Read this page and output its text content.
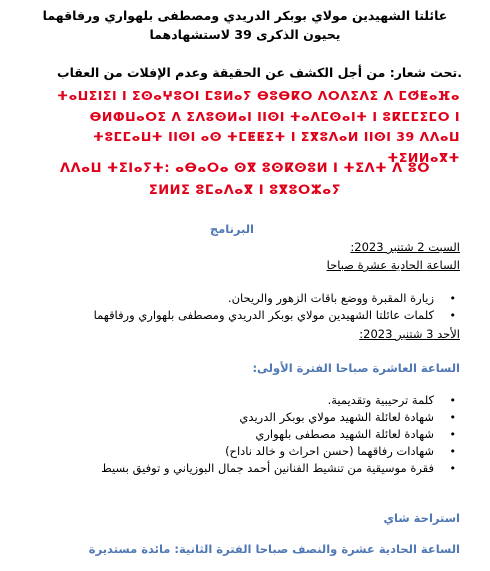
عائلتا الشهيدين مولاي بوبكر الدريدي ومصطفى بلهواري ورفاقهما يحيون الذكرى 39 لاستشهادهما
.تحت شعار: من أجل الكشف عن الحقيقة وعدم الإفلات من العقاب
ⵜⴰⵡⵉⵏⵉⵏ ⵏ ⵉⵙⴰⵖⵓⵔⵏ ⵎⵓⵍⴰⵢ ⴱⵓⴱⴽⵔ ⴷⵔⴷⵉⴷⵉ ⴷ ⵎⵚⵟⴰⴼⴰ ⴱⵍⵀⵡⴰⵔⵉ ⴷ ⵉⴷⵓⵙⵍⴰⵏ ⵏⵏⵙⵏ ⵜⴰⴷⵎⵙⴰⵏⵜ ⵏ ⵓⴽⵎⵎⵉⵎⵔ ⵏ ⵜⵓⵎⵎⴰⵡⵜ ⵏⵏⵙⵏ ⴰⵙ ⵜⵎⵟⵟⵉⵜ ⵏ ⵉⴳⵓⴷⴰⵍ ⵏⵏⵙⵏ 39 ⴷⴷⴰⵡ ⵜⵉⵍⵍⴰⴳⵜ
ⴷⴷⴰⵡ ⵜⵉⵏⴰⵢⵜ: ⴰⴱⴰⵔⴰ ⵙⴳ ⵓⵙⴽⵙⵓⵍ ⵏ ⵜⵉⴷⵜ ⴷ ⵓⵔ ⵉⵍⵍⵉ ⵓⵎⴰⴷⴰⴳ ⵏ ⵓⴳⵓⵔⵣⴰⵢ
البرنامج
السبت 2 شتنبر 2023:
الساعة الحادية عشرة صباحا
• زيارة المقبرة ووضع باقات الزهور والريحان.
• كلمات عائلتا الشهيدين مولاي بوبكر الدريدي ومصطفى بلهواري ورفاقهما
الأحد 3 شتنبر 2023:
الساعة العاشرة صباحا الفترة الأولى:
• كلمة ترحيبية وتقديمية.
• شهادة لعائلة الشهيد مولاي بوبكر الدريدي
• شهادة لعائلة الشهيد مصطفى بلهواري
• شهادات رفاقهما (حسن احراث و خالد ناداح)
• فقرة موسيقية من تنشيط الفنانين أحمد جمال البوزياني و توفيق بسيط
استراحة شاي
الساعة الحادية عشرة والنصف صباحا الفترة الثانية: مائدة مستديرة
